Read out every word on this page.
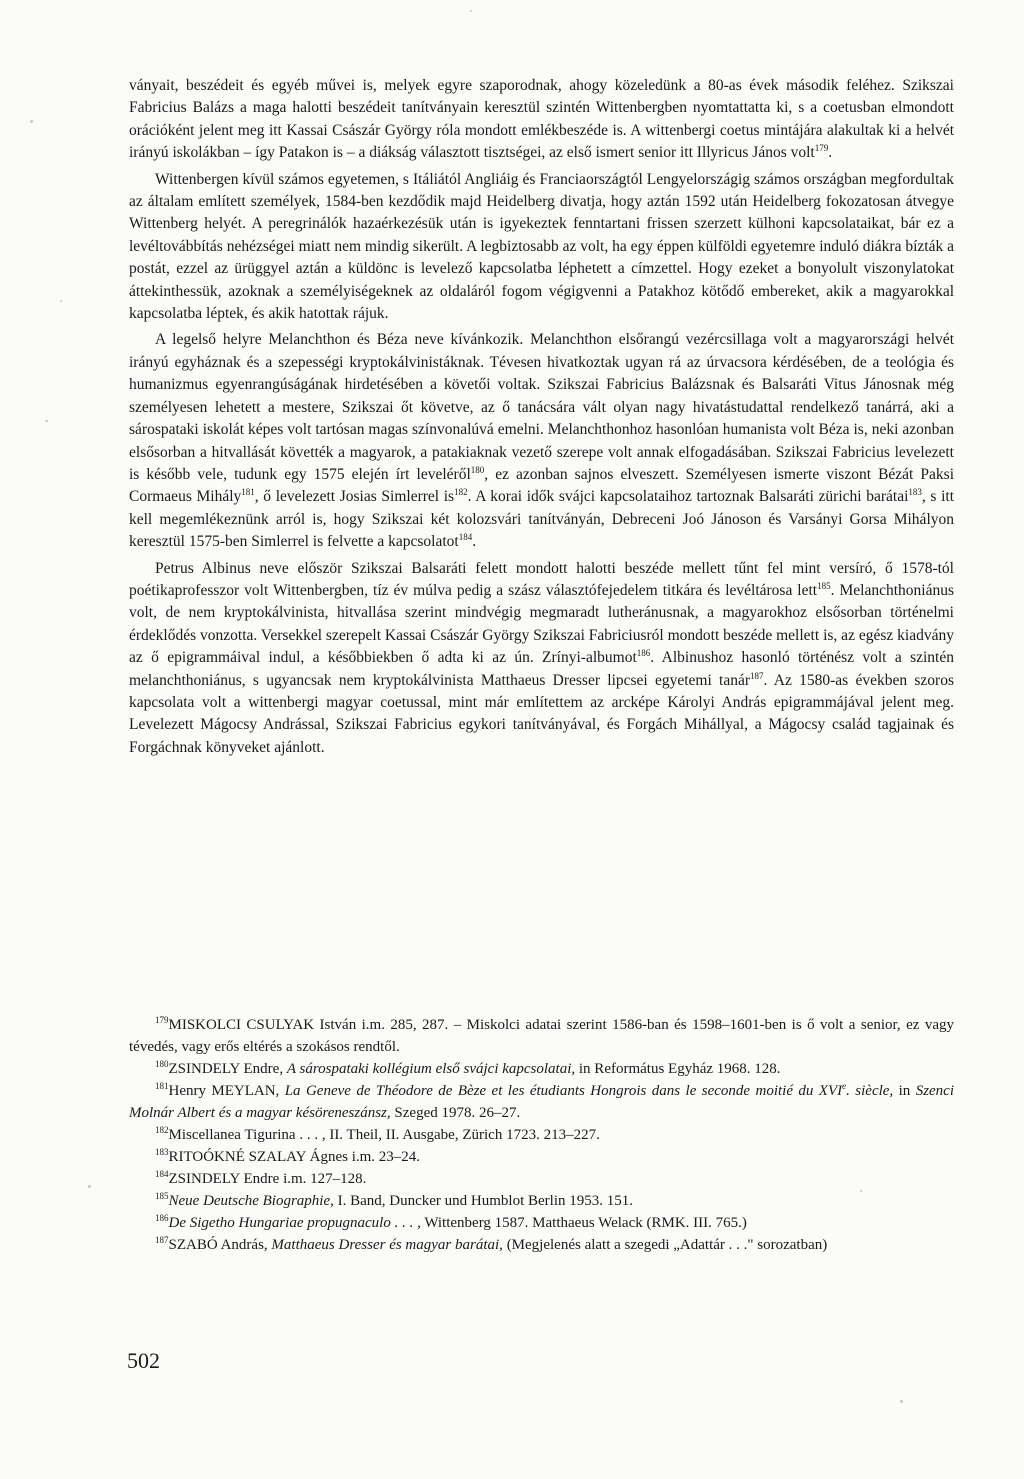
ványait, beszédeit és egyéb művei is, melyek egyre szaporodnak, ahogy közeledünk a 80-as évek második feléhez. Szikszai Fabricius Balázs a maga halotti beszédeit tanítványain keresztül szintén Wittenbergben nyomtattatta ki, s a coetusban elmondott orációként jelent meg itt Kassai Császár György róla mondott emlékbeszéde is. A wittenbergi coetus mintájára alakultak ki a helvét irányú iskolákban – így Patakon is – a diákság választott tisztségei, az első ismert senior itt Illyricus János volt$^{179}$.

Wittenbergen kívül számos egyetemen, s Itáliától Angliáig és Franciaországtól Lengyelországig számos országban megfordultak az általam említett személyek, 1584-ben kezdődik majd Heidelberg divatja, hogy aztán 1592 után Heidelberg fokozatosan átvegye Wittenberg helyét. A peregrinálók hazaérkezésük után is igyekeztek fenntartani frissen szerzett külhoni kapcsolataikat, bár ez a levéltovábbítás nehézségei miatt nem mindig sikerült. A legbiztosabb az volt, ha egy éppen külföldi egyetemre induló diákra bízták a postát, ezzel az ürüggyel aztán a küldönc is levelező kapcsolatba léphetett a címzettel. Hogy ezeket a bonyolult viszonylatokat áttekinthessük, azoknak a személyiségeknek az oldaláról fogom végigvenni a Patakhoz kötődő embereket, akik a magyarokkal kapcsolatba léptek, és akik hatottak rájuk.

A legelső helyre Melanchthon és Béza neve kívánkozik. Melanchthon elsőrangú vezércsillaga volt a magyarországi helvét irányú egyháznak és a szepességi kryptokálvinistáknak. Tévesen hivatkoztak ugyan rá az úrvacsora kérdésében, de a teológia és humanizmus egyenrangúságának hirdetésében a követői voltak. Szikszai Fabricius Balázsnak és Balsaráti Vitus Jánosnak még személyesen lehetett a mestere, Szikszai őt követve, az ő tanácsára vált olyan nagy hivatástudattal rendelkező tanárrá, aki a sárospataki iskolát képes volt tartósan magas színvonalúvá emelni. Melanchthonhoz hasonlóan humanista volt Béza is, neki azonban elsősorban a hitvallását követték a magyarok, a patakiaknak vezető szerepe volt annak elfogadásában. Szikszai Fabricius levelezett is később vele, tudunk egy 1575 elején írt leveléről$^{180}$, ez azonban sajnos elveszett. Személyesen ismerte viszont Bézát Paksi Cormaeus Mihály$^{181}$, ő levelezett Josias Simlerrel $is^{182}$. A korai idők svájci kapcsolataihoz tartoznak Balsaráti zürichi barátai$^{183}$, s itt kell megemlékeznünk arról is, hogy Szikszai két kolozsvári tanítványán, Debreceni Joó Jánoson és Varsányi Gorsa Mihályon keresztül 1575-ben Simlerrel is felvette a kapcsolatot$^{184}$.

Petrus Albinus neve először Szikszai Balsaráti felett mondott halotti beszéde mellett tűnt fel mint versíró, ő 1578-tól poétikaprofesszor volt Wittenbergben, tíz év múlva pedig a szász választófejedelem titkára és levéltárosa lett$^{185}$. Melanchthoniánus volt, de nem kryptokálvinista, hitvallása szerint mindvégig megmaradt lutheránusnak, a magyarokhoz elsősorban történelmi érdeklődés vonzotta. Versekkel szerepelt Kassai Császár György Szikszai Fabriciusról mondott beszéde mellett is, az egész kiadvány az ő epigrammáival indul, a későbbiekben ő adta ki az ún. Zrínyi-albumot$^{186}$. Albinushoz hasonló történész volt a szintén melanchthoniánus, s ugyancsak nem kryptokálvinista Matthaeus Dresser lipcsei egyetemi tanár$^{187}$. Az 1580-as években szoros kapcsolata volt a wittenbergi magyar coetussal, mint már említettem az arcképe Károlyi András epigrammájával jelent meg. Levelezett Mágocsy Andrással, Szikszai Fabricius egykori tanítványával, és Forgách Mihállyal, a Mágocsy család tagjainak és Forgáchnak könyveket ajánlott.

$^{179}$MISKOLCI CSULYAK István i.m. 285, 287. – Miskolci adatai szerint 1586-ban és 1598–1601-ben is ő volt a senior, ez vagy tévedés, vagy erős eltérés a szokásos rendtől.

$^{180}$ZSINDELY Endre, A sárospataki kollégium első svájci kapcsolatai, in Református Egyház 1968. 128.

$^{181}$Henry MEYLAN, La Geneve de Théodore de Bèze et les étudiants Hongrois dans le seconde moitié du XVIe. siècle, in Szenci Molnár Albert és a magyar késöreneszánsz, Szeged 1978. 26–27.

$^{182}$Miscellanea Tigurina . . . , II. Theil, II. Ausgabe, Zürich 1723. 213–227.

$^{183}$RITOÓKNÉ SZALAY Ágnes i.m. 23–24.

$^{184}$ZSINDELY Endre i.m. 127–128.

$^{185}$Neue Deutsche Biographie, I. Band, Duncker und Humblot Berlin 1953. 151.

$^{186}$De Sigetho Hungariae propugnaculo . . . , Wittenberg 1587. Matthaeus Welack (RMK. III. 765.)

$^{187}$SZABÓ András, Matthaeus Dresser és magyar barátai, (Megjelenés alatt a szegedi „Adattár . . ." sorozatban)

502
